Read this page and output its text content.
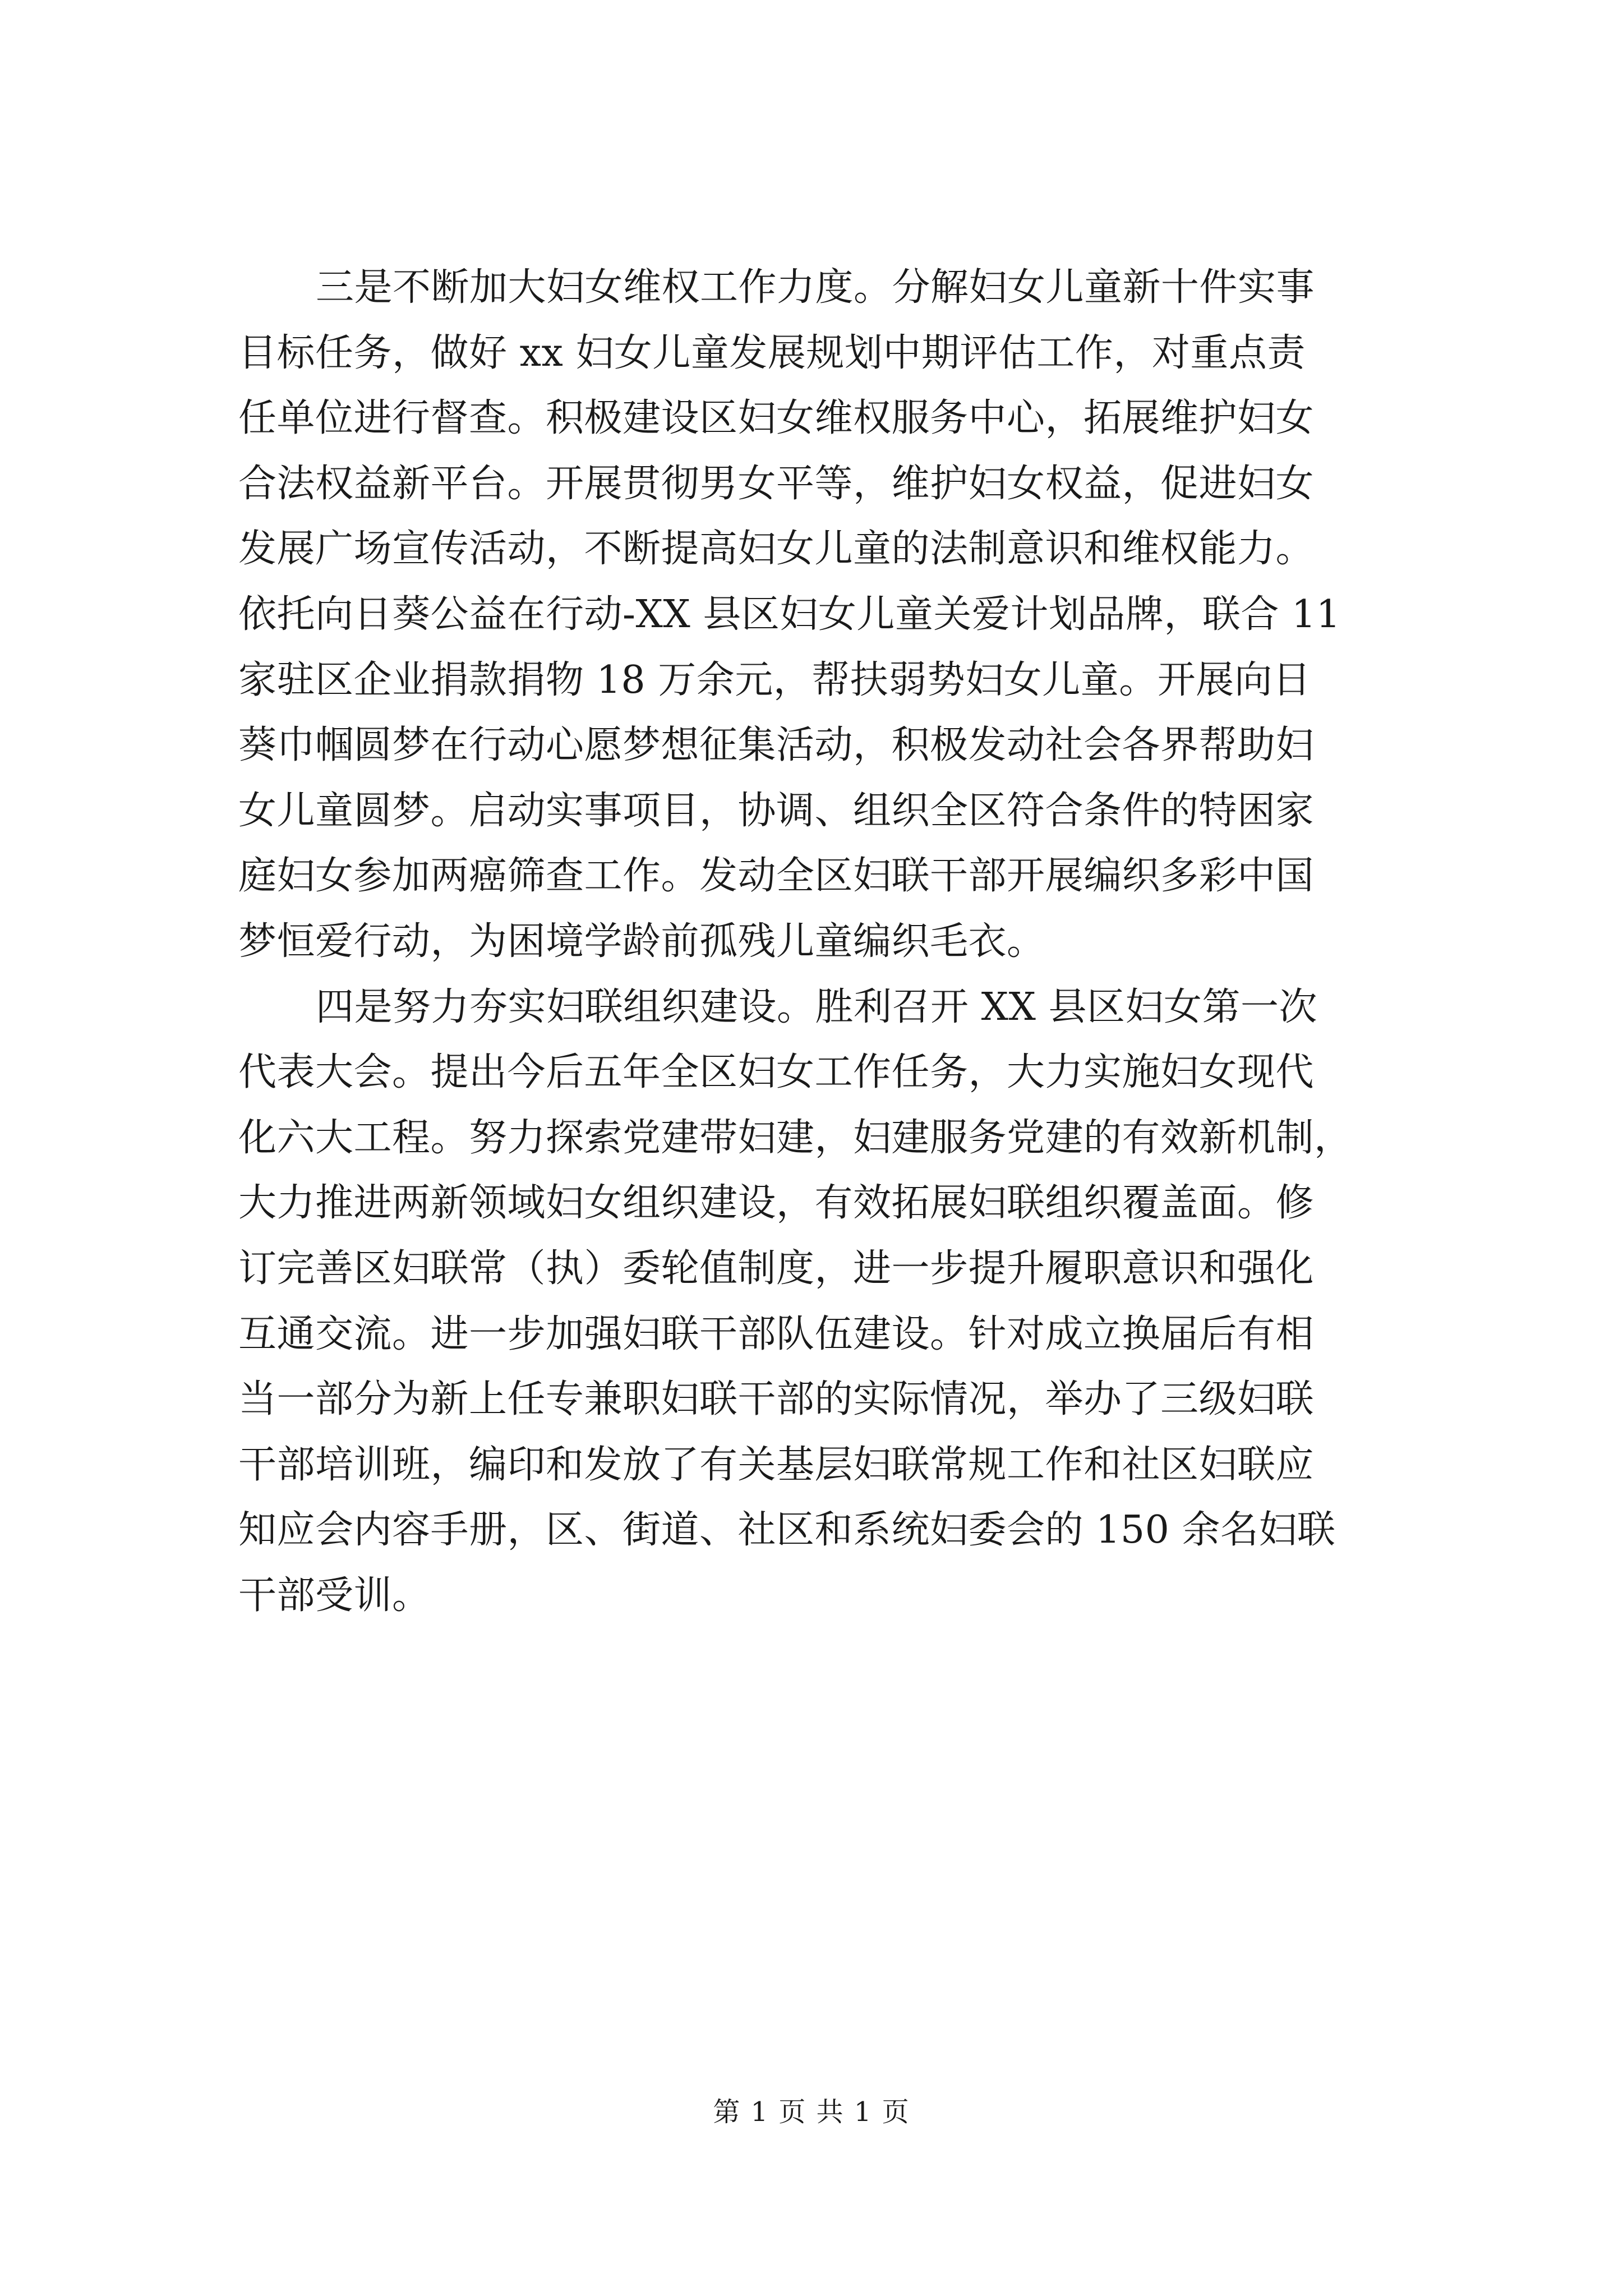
三是不断加大妇女维权工作力度。分解妇女儿童新十件实事
目标任务，做好 xx 妇女儿童发展规划中期评估工作，对重点责
任单位进行督查。积极建设区妇女维权服务中心，拓展维护妇女
合法权益新平台。开展贯彻男女平等，维护妇女权益，促进妇女
发展广场宣传活动，不断提高妇女儿童的法制意识和维权能力。
依托向日葵公益在行动-XX 县区妇女儿童关爱计划品牌，联合 11
家驻区企业捐款捐物 18 万余元，帮扶弱势妇女儿童。开展向日
葵巾帼圆梦在行动心愿梦想征集活动，积极发动社会各界帮助妇
女儿童圆梦。启动实事项目，协调、组织全区符合条件的特困家
庭妇女参加两癌筛查工作。发动全区妇联干部开展编织多彩中国
梦恒爱行动，为困境学龄前孤残儿童编织毛衣。
四是努力夯实妇联组织建设。胜利召开 XX 县区妇女第一次
代表大会。提出今后五年全区妇女工作任务，大力实施妇女现代
化六大工程。努力探索党建带妇建，妇建服务党建的有效新机制，
大力推进两新领域妇女组织建设，有效拓展妇联组织覆盖面。修
订完善区妇联常（执）委轮值制度，进一步提升履职意识和强化
互通交流。进一步加强妇联干部队伍建设。针对成立换届后有相
当一部分为新上任专兼职妇联干部的实际情况，举办了三级妇联
干部培训班，编印和发放了有关基层妇联常规工作和社区妇联应
知应会内容手册，区、街道、社区和系统妇委会的 150 余名妇联
干部受训。
第 1 页 共 1 页
